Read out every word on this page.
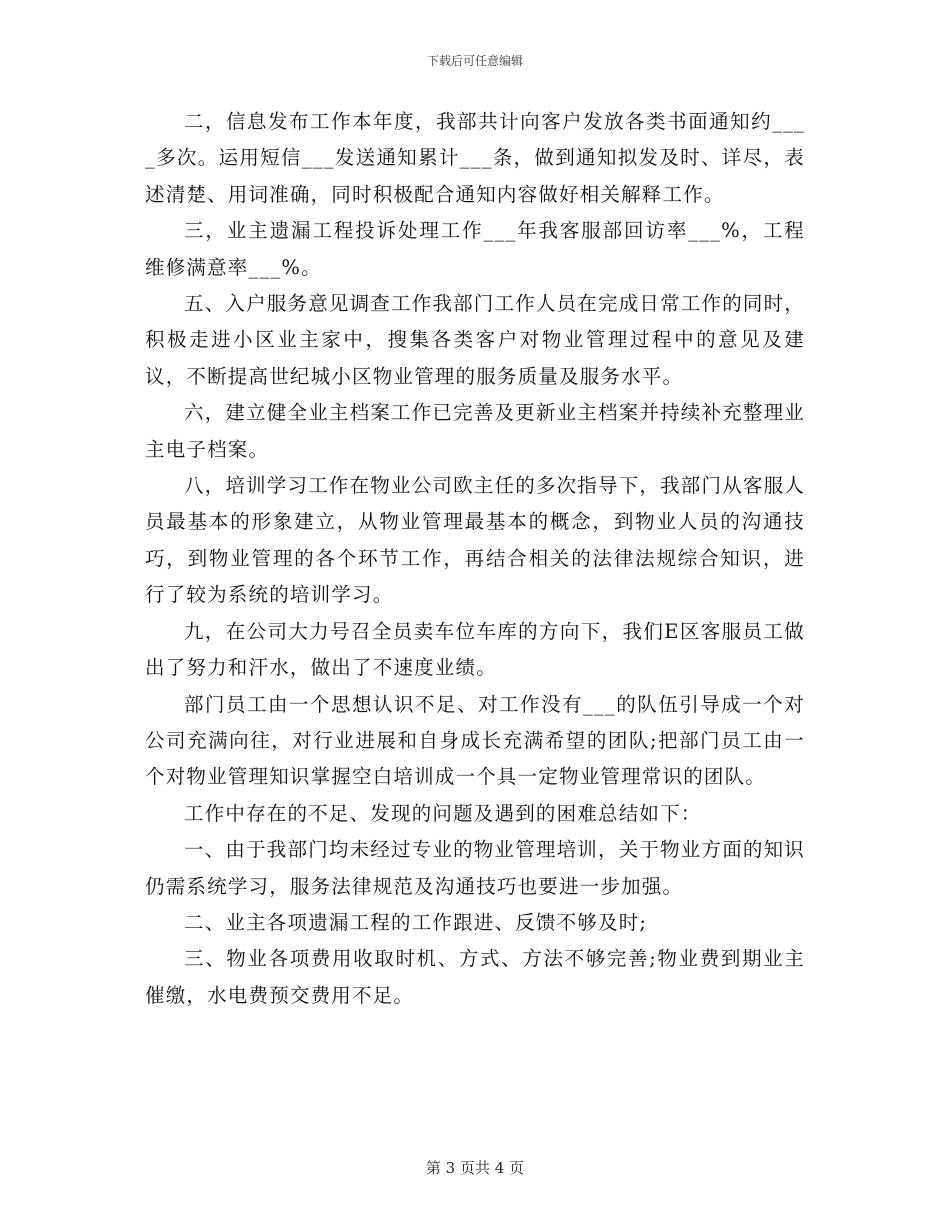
下载后可任意编辑

二，信息发布工作本年度，我部共计向客户发放各类书面通知约____多次。运用短信___发送通知累计___条，做到通知拟发及时、详尽，表述清楚、用词准确，同时积极配合通知内容做好相关解释工作。

三，业主遗漏工程投诉处理工作___年我客服部回访率___%，工程维修满意率___%。

五、入户服务意见调查工作我部门工作人员在完成日常工作的同时，积极走进小区业主家中，搜集各类客户对物业管理过程中的意见及建议，不断提高世纪城小区物业管理的服务质量及服务水平。

六，建立健全业主档案工作已完善及更新业主档案并持续补充整理业主电子档案。

八，培训学习工作在物业公司欧主任的多次指导下，我部门从客服人员最基本的形象建立，从物业管理最基本的概念，到物业人员的沟通技巧，到物业管理的各个环节工作，再结合相关的法律法规综合知识，进行了较为系统的培训学习。

九，在公司大力号召全员卖车位车库的方向下，我们E区客服员工做出了努力和汗水，做出了不速度业绩。

部门员工由一个思想认识不足、对工作没有___的队伍引导成一个对公司充满向往，对行业进展和自身成长充满希望的团队;把部门员工由一个对物业管理知识掌握空白培训成一个具一定物业管理常识的团队。

工作中存在的不足、发现的问题及遇到的困难总结如下：

一、由于我部门均未经过专业的物业管理培训，关于物业方面的知识仍需系统学习，服务法律规范及沟通技巧也要进一步加强。

二、业主各项遗漏工程的工作跟进、反馈不够及时;

三、物业各项费用收取时机、方式、方法不够完善;物业费到期业主催缴，水电费预交费用不足。

第 3 页共 4 页
